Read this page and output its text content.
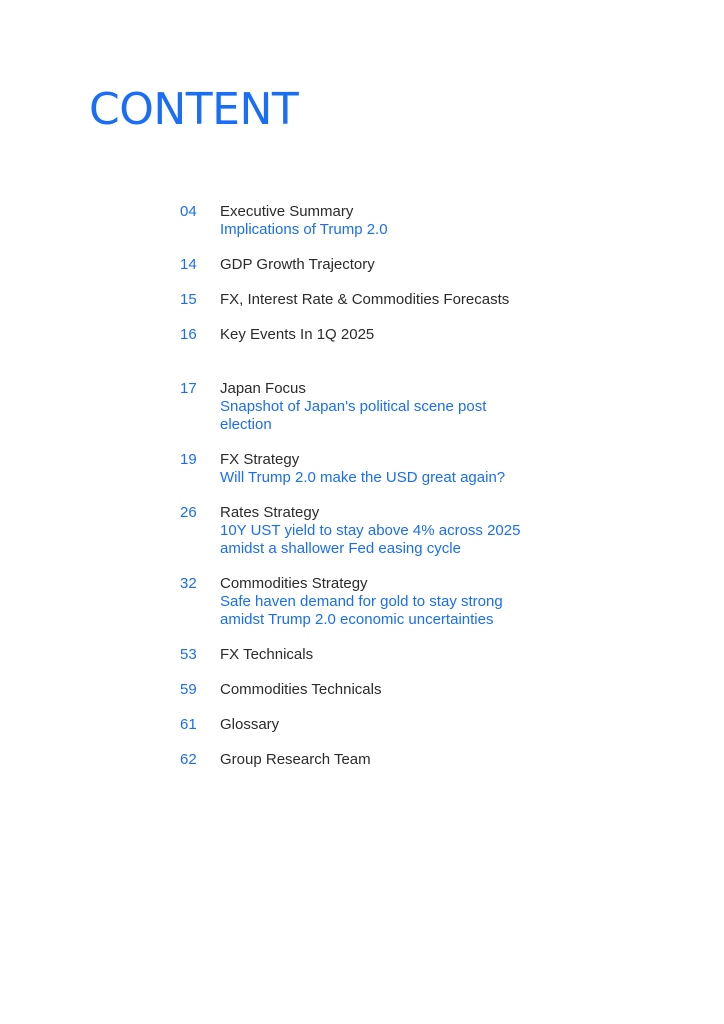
CONTENT
04	Executive Summary
Implications of Trump 2.0
14	GDP Growth Trajectory
15	FX, Interest Rate & Commodities Forecasts
16	Key Events In 1Q 2025
17	Japan Focus
Snapshot of Japan's political scene post election
19	FX Strategy
Will Trump 2.0 make the USD great again?
26	Rates Strategy
10Y UST yield to stay above 4% across 2025 amidst a shallower Fed easing cycle
32	Commodities Strategy
Safe haven demand for gold to stay strong amidst Trump 2.0 economic uncertainties
53	FX Technicals
59	Commodities Technicals
61	Glossary
62	Group Research Team
